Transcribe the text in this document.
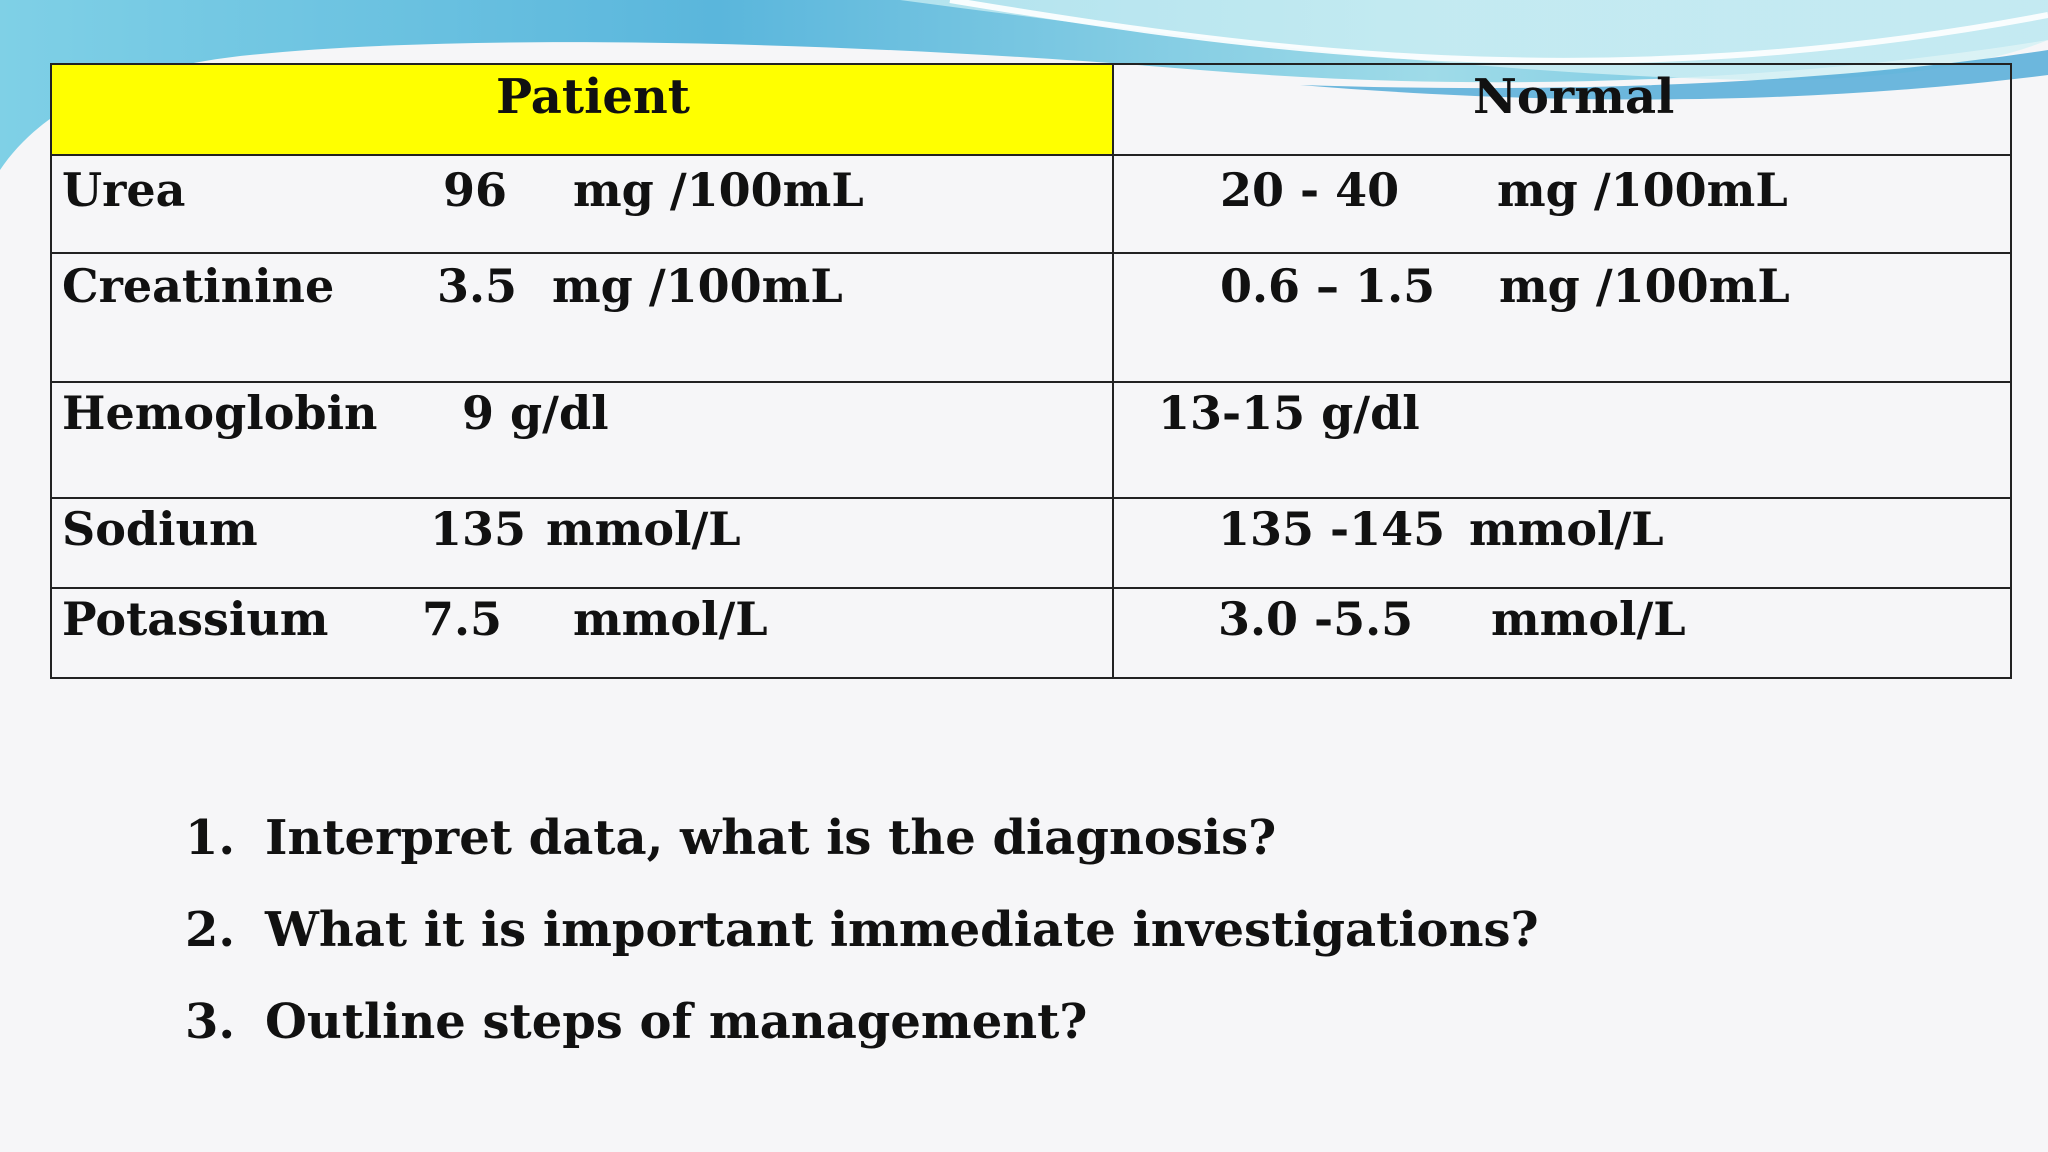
Patient	Normal

Urea 96 mg /100mL	20 - 40 mg /100mL

Creatinine 3.5 mg /100mL	0.6 – 1.5 mg /100mL

Hemoglobin 9 g/dl	13-15 g/dl

Sodium 135 mmol/L	135 -145 mmol/L

Potassium 7.5 mmol/L	3.0 -5.5 mmol/L
1. Interpret data, what is the diagnosis?
2. What it is important immediate investigations?
3. Outline steps of management?
